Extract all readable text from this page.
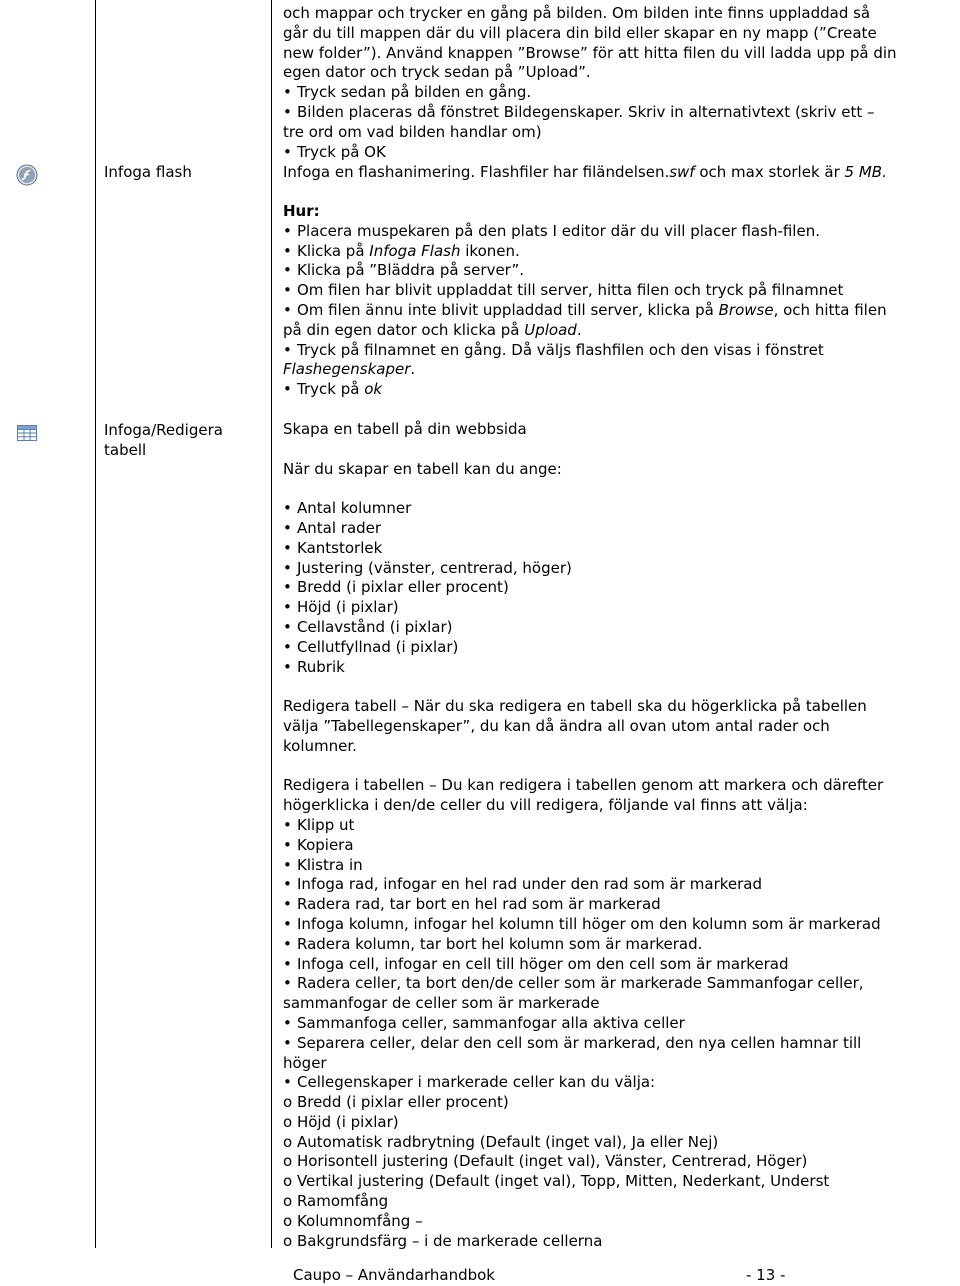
och mappar och trycker en gång på bilden. Om bilden inte finns uppladdad så
går du till mappen där du vill placera din bild eller skapar en ny mapp (”Create
new folder”). Använd knappen ”Browse” för att hitta filen du vill ladda upp på din
egen dator och tryck sedan på ”Upload”.
• Tryck sedan på bilden en gång.
• Bilden placeras då fönstret Bildegenskaper. Skriv in alternativtext (skriv ett –
tre ord om vad bilden handlar om)
• Tryck på OK
Infoga flash	Infoga en flashanimering. Flashfiler har filändelsen.swf och max storlek är 5 MB.
Hur:
• Placera muspekaren på den plats I editor där du vill placer flash-filen.
• Klicka på Infoga Flash ikonen.
• Klicka på ”Bläddra på server”.
• Om filen har blivit uppladdat till server, hitta filen och tryck på filnamnet
• Om filen ännu inte blivit uppladdad till server, klicka på Browse, och hitta filen
på din egen dator och klicka på Upload.
• Tryck på filnamnet en gång. Då väljs flashfilen och den visas i fönstret
Flashegenskaper.
• Tryck på ok
Infoga/Redigera
tabell
Skapa en tabell på din webbsida
När du skapar en tabell kan du ange:
• Antal kolumner
• Antal rader
• Kantstorlek
• Justering (vänster, centrerad, höger)
• Bredd (i pixlar eller procent)
• Höjd (i pixlar)
• Cellavstånd (i pixlar)
• Cellutfyllnad (i pixlar)
• Rubrik
Redigera tabell – När du ska redigera en tabell ska du högerklicka på tabellen
välja ”Tabellegenskaper”, du kan då ändra all ovan utom antal rader och
kolumner.
Redigera i tabellen – Du kan redigera i tabellen genom att markera och därefter
högerklicka i den/de celler du vill redigera, följande val finns att välja:
• Klipp ut
• Kopiera
• Klistra in
• Infoga rad, infogar en hel rad under den rad som är markerad
• Radera rad, tar bort en hel rad som är markerad
• Infoga kolumn, infogar hel kolumn till höger om den kolumn som är markerad
• Radera kolumn, tar bort hel kolumn som är markerad.
• Infoga cell, infogar en cell till höger om den cell som är markerad
• Radera celler, ta bort den/de celler som är markerade Sammanfogar celler,
sammanfogar de celler som är markerade
• Sammanfoga celler, sammanfogar alla aktiva celler
• Separera celler, delar den cell som är markerad, den nya cellen hamnar till
höger
• Cellegenskaper i markerade celler kan du välja:
o Bredd (i pixlar eller procent)
o Höjd (i pixlar)
o Automatisk radbrytning (Default (inget val), Ja eller Nej)
o Horisontell justering (Default (inget val), Vänster, Centrerad, Höger)
o Vertikal justering (Default (inget val), Topp, Mitten, Nederkant, Underst
o Ramomfång
o Kolumnomfång –
o Bakgrundsfärg – i de markerade cellerna
Caupo – Användarhandbok	- 13 -
